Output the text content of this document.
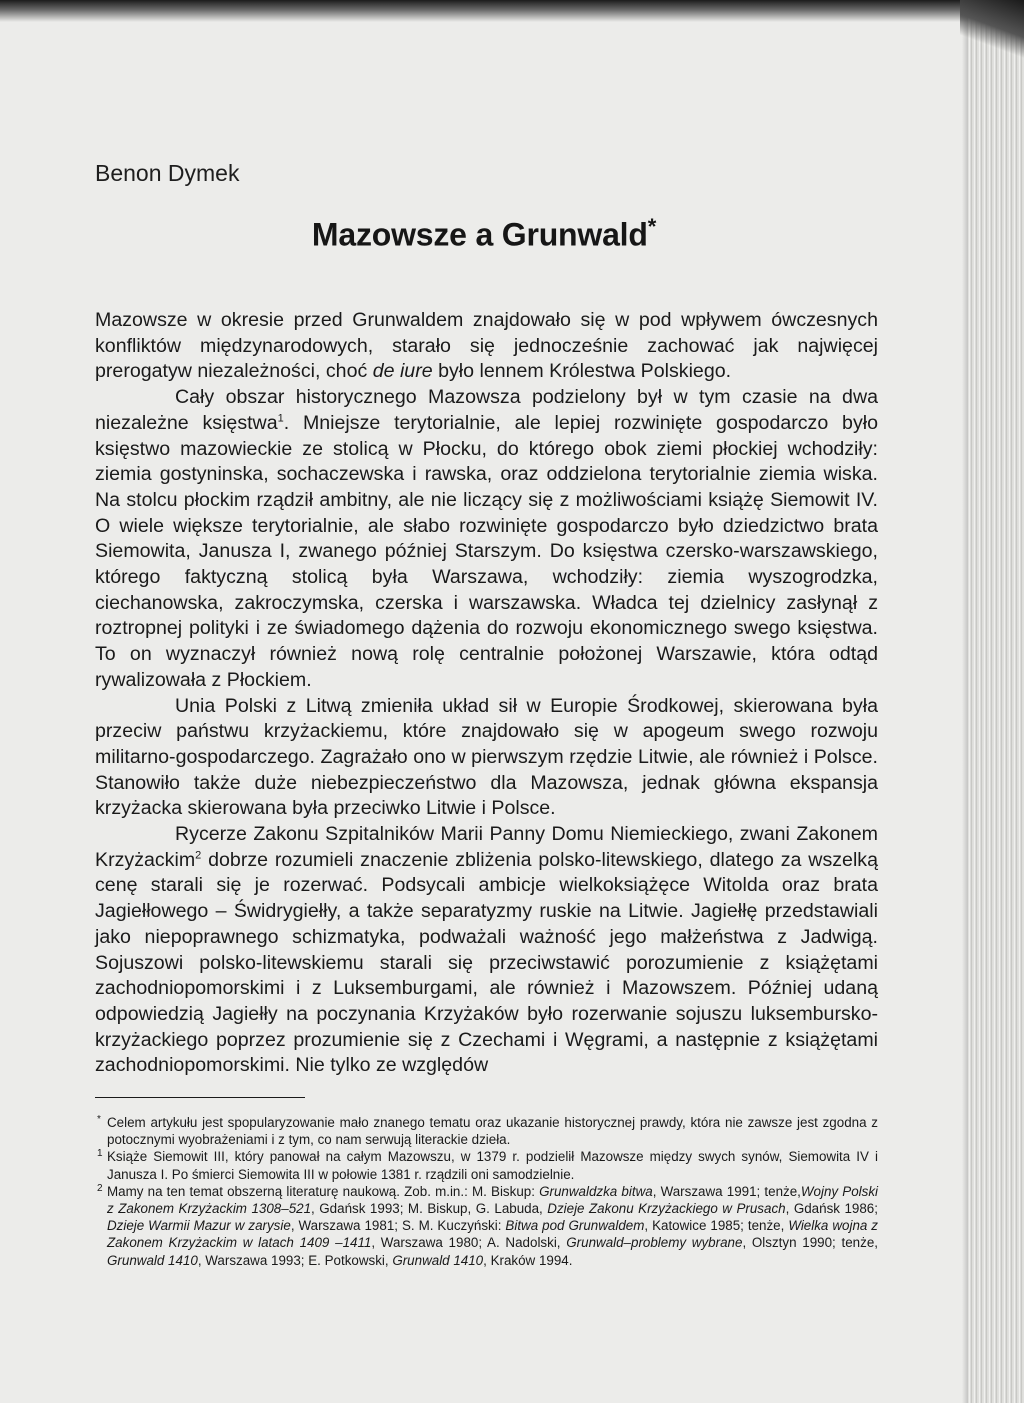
Benon Dymek
Mazowsze a Grunwald*

Mazowsze w okresie przed Grunwaldem znajdowało się w pod wpływem ówczesnych konfliktów międzynarodowych, starało się jednocześnie zachować jak najwięcej prerogatyw niezależności, choć de iure było lennem Królestwa Polskiego.

Cały obszar historycznego Mazowsza podzielony był w tym czasie na dwa niezależne księstwa$^1$. Mniejsze terytorialnie, ale lepiej rozwinięte gospodarczo było księstwo mazowieckie ze stolicą w Płocku, do którego obok ziemi płockiej wchodziły: ziemia gostyninska, sochaczewska i rawska, oraz oddzielona terytorialnie ziemia wiska. Na stolcu płockim rządził ambitny, ale nie liczący się z możliwościami książę Siemowit IV. O wiele większe terytorialnie, ale słabo rozwinięte gospodarczo było dziedzictwo brata Siemowita, Janusza I, zwanego później Starszym. Do księstwa czersko-warszawskiego, którego faktyczną stolicą była Warszawa, wchodziły: ziemia wyszogrodzka, ciechanowska, zakroczymska, czerska i warszawska. Władca tej dzielnicy zasłynął z roztropnej polityki i ze świadomego dążenia do rozwoju ekonomicznego swego księstwa. To on wyznaczył również nową rolę centralnie położonej Warszawie, która odtąd rywalizowała z Płockiem.

Unia Polski z Litwą zmieniła układ sił w Europie Środkowej, skierowana była przeciw państwu krzyżackiemu, które znajdowało się w apogeum swego rozwoju militarno-gospodarczego. Zagrażało ono w pierwszym rzędzie Litwie, ale również i Polsce. Stanowiło także duże niebezpieczeństwo dla Mazowsza, jednak główna ekspansja krzyżacka skierowana była przeciwko Litwie i Polsce.

Rycerze Zakonu Szpitalników Marii Panny Domu Niemieckiego, zwani Zakonem Krzyżackim$^2$ dobrze rozumieli znaczenie zbliżenia polsko-litewskiego, dlatego za wszelką cenę starali się je rozerwać. Podsycali ambicje wielkoksiążęce Witolda oraz brata Jagiełłowego – Świdrygiełły, a także separatyzmy ruskie na Litwie. Jagiełłę przedstawiali jako niepoprawnego schizmatyka, podważali ważność jego małżeństwa z Jadwigą. Sojuszowi polsko-litewskiemu starali się przeciwstawić porozumienie z książętami zachodniopomorskimi i z Luksemburgami, ale również i Mazowszem. Później udaną odpowiedzią Jagiełły na poczynania Krzyżaków było rozerwanie sojuszu luksembursko-krzyżackiego poprzez prozumienie się z Czechami i Węgrami, a następnie z książętami zachodniopomorskimi. Nie tylko ze względów

* Celem artykułu jest spopularyzowanie mało znanego tematu oraz ukazanie historycznej prawdy, która nie zawsze jest zgodna z potocznymi wyobrażeniami i z tym, co nam serwują literackie dzieła.

1 Książe Siemowit III, który panował na całym Mazowszu, w 1379 r. podzielił Mazowsze między swych synów, Siemowita IV i Janusza I. Po śmierci Siemowita III w połowie 1381 r. rządzili oni samodzielnie.

2 Mamy na ten temat obszerną literaturę naukową. Zob. m.in.: M. Biskup: Grunwaldzka bitwa, Warszawa 1991; tenże,Wojny Polski z Zakonem Krzyżackim 1308–521, Gdańsk 1993; M. Biskup, G. Labuda, Dzieje Zakonu Krzyżackiego w Prusach, Gdańsk 1986; Dzieje Warmii Mazur w zarysie, Warszawa 1981; S. M. Kuczyński: Bitwa pod Grunwaldem, Katowice 1985; tenże, Wielka wojna z Zakonem Krzyżackim w latach 1409 –1411, Warszawa 1980; A. Nadolski, Grunwald–problemy wybrane, Olsztyn 1990; tenże, Grunwald 1410, Warszawa 1993; E. Potkowski, Grunwald 1410, Kraków 1994.
